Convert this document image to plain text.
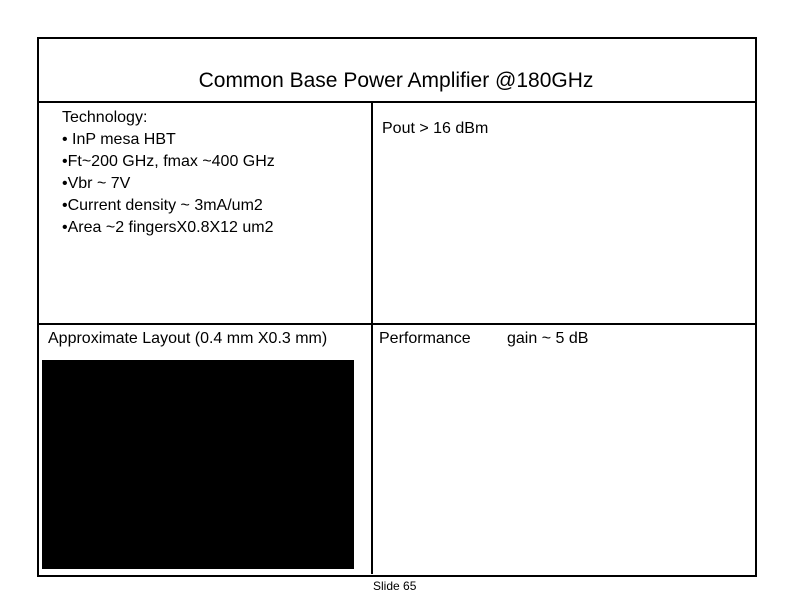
Common Base Power Amplifier @180GHz
Technology:
• InP mesa HBT
•Ft~200 GHz, fmax ~400 GHz
•Vbr ~ 7V
•Current density ~ 3mA/um2
•Area ~2 fingersX0.8X12 um2
Pout > 16 dBm
Approximate Layout (0.4 mm X0.3 mm)	Performance gain ~ 5 dB
Slide 65
